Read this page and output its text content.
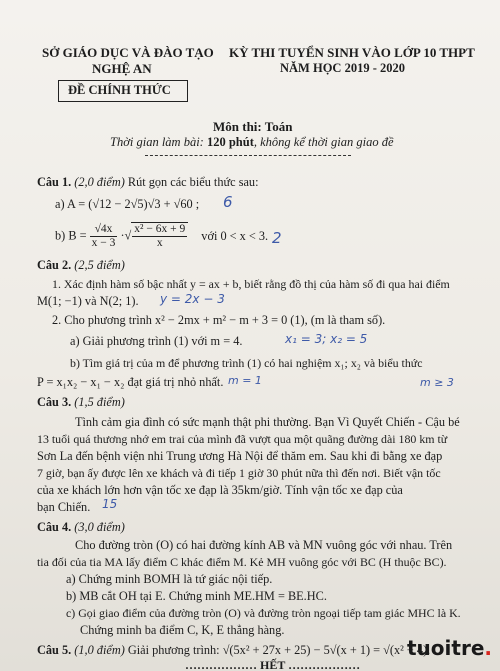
SỞ GIÁO DỤC VÀ ĐÀO TẠO
NGHỆ AN
ĐỀ CHÍNH THỨC
KỲ THI TUYỂN SINH VÀO LỚP 10 THPT
NĂM HỌC 2019 - 2020
Môn thi: Toán
Thời gian làm bài: 120 phút, không kể thời gian giao đề
Câu 1. (2,0 điểm) Rút gọn các biểu thức sau:
a) A = (√12 − 2√5)√3 + √60 ; 6
b) $B = \frac{√4x}{x - 3}$ ·√ $\frac{\text{x² − 6x + 9}}{x}$ với 0 < x < 3. 2
Câu 2. (2,5 điểm)
1. Xác định hàm số bậc nhất y = ax + b, biết rằng đồ thị của hàm số đi qua hai điểm
M(1; −1) và N(2; 1). y = 2x − 3
2. Cho phương trình x² − 2mx + m² − m + 3 = 0 (1), (m là tham số).
a) Giải phương trình (1) với m = 4.	x₁ = 3; x₂ = 5
b) Tìm giá trị của m để phương trình (1) có hai nghiệm x₁; x₂ và biểu thức
P = x₁x₂ − x₁ − x₂ đạt giá trị nhỏ nhất. m = 1	m ≥ 3
Câu 3. (1,5 điểm)
Tình cảm gia đình có sức mạnh thật phi thường. Bạn Vì Quyết Chiến - Cậu bé
13 tuổi quá thương nhớ em trai của mình đã vượt qua một quãng đường dài 180 km từ
Sơn La đến bệnh viện nhi Trung ương Hà Nội để thăm em. Sau khi đi bằng xe đạp
7 giờ, bạn ấy được lên xe khách và đi tiếp 1 giờ 30 phút nữa thì đến nơi. Biết vận tốc
của xe khách lớn hơn vận tốc xe đạp là 35km/giờ. Tính vận tốc xe đạp của
bạn Chiến. 15
Câu 4. (3,0 điểm)
Cho đường tròn (O) có hai đường kính AB và MN vuông góc với nhau. Trên
tia đối của tia MA lấy điểm C khác điểm M. Kẻ MH vuông góc với BC (H thuộc BC).
a) Chứng minh BOMH là tứ giác nội tiếp.
b) MB cắt OH tại E. Chứng minh ME.HM = BE.HC.
c) Gọi giao điểm của đường tròn (O) và đường tròn ngoại tiếp tam giác MHC là K.
Chứng minh ba điểm C, K, E thẳng hàng.
Câu 5. (1,0 điểm) Giải phương trình: √(5x² + 27x + 25) − 5√(x + 1) = √(x² − 4).
……………… HẾT ………………
tuoitre.
